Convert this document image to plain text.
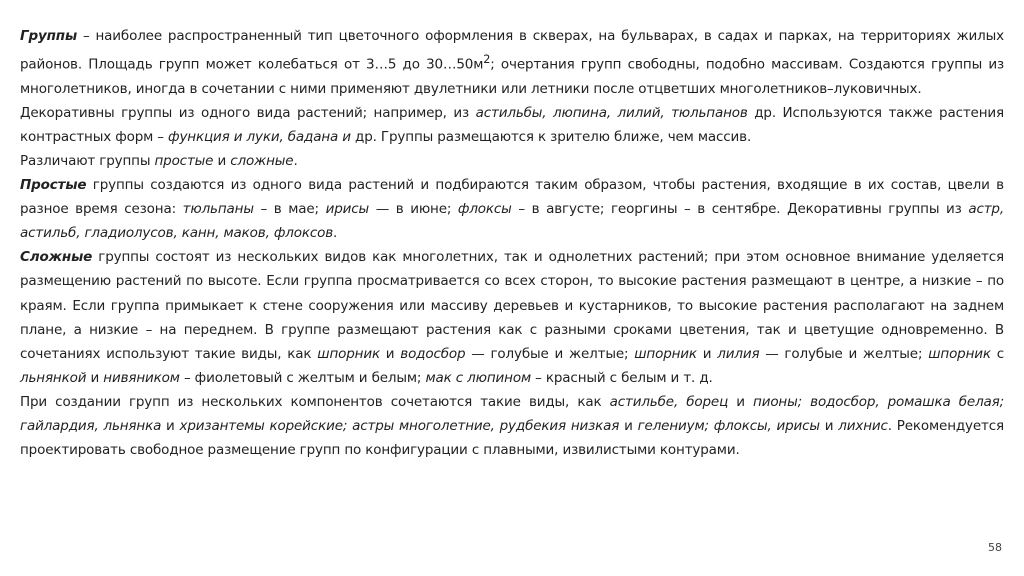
Группы – наиболее распространенный тип цветочного оформления в скверах, на бульварах, в садах и парках, на территориях жилых районов. Площадь групп может колебаться от 3…5 до $30\dots 50м^2$; очертания групп свободны, подобно массивам. Создаются группы из многолетников, иногда в сочетании с ними применяют двулетники или летники после отцветших многолетников–луковичных.

Декоративны группы из одного вида растений; например, из астильбы, люпина, лилий, тюльпанов др. Используются также растения контрастных форм – функция и луки, бадана и др. Группы размещаются к зрителю ближе, чем массив.

Различают группы простые и сложные.

Простые группы создаются из одного вида растений и подбираются таким образом, чтобы растения, входящие в их состав, цвели в разное время сезона: тюльпаны – в мае; ирисы — в июне; флоксы – в августе; георгины – в сентябре. Декоративны группы из астр, астильб, гладиолусов, канн, маков, флоксов.

Сложные группы состоят из нескольких видов как многолетних, так и однолетних растений; при этом основное внимание уделяется размещению растений по высоте. Если группа просматривается со всех сторон, то высокие растения размещают в центре, а низкие – по краям. Если группа примыкает к стене сооружения или массиву деревьев и кустарников, то высокие растения располагают на заднем плане, а низкие – на переднем. В группе размещают растения как с разными сроками цветения, так и цветущие одновременно. В сочетаниях используют такие виды, как шпорник и водосбор — голубые и желтые; шпорник и лилия — голубые и желтые; шпорник с льнянкой и нивяником – фиолетовый с желтым и белым; мак с люпином – красный с белым и т. д.

При создании групп из нескольких компонентов сочетаются такие виды, как астильбе, борец и пионы; водосбор, ромашка белая; гайлардия, льнянка и хризантемы корейские; астры многолетние, рудбекия низкая и гелениум; флоксы, ирисы и лихнис. Рекомендуется проектировать свободное размещение групп по конфигурации с плавными, извилистыми контурами.

58
